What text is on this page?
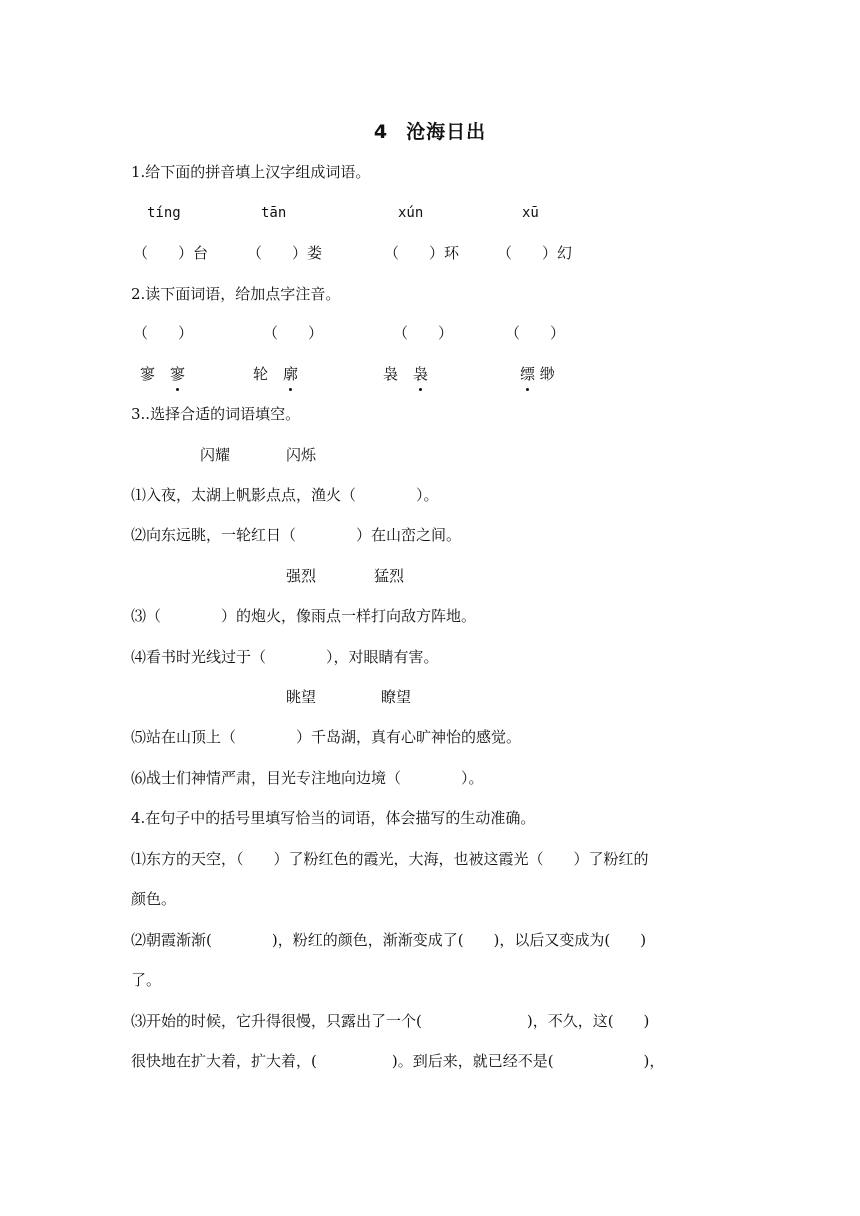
4 沧海日出
1.给下面的拼音填上汉字组成词语。
tíng	tān	xún	xū
（　　）台	（　　）娄	（　　）环	（　　）幻
2.读下面词语，给加点字注音。
（　　）	（　　）	（　　）	（　　）
寥　 寥	轮　 廓	袅　 袅	缥 缈
3..选择合适的词语填空。
闪耀	闪烁
⑴入夜，太湖上帆影点点，渔火（　　　　）。
⑵向东远眺，一轮红日（　　　　）在山峦之间。
强烈	猛烈
⑶（　　　　）的炮火，像雨点一样打向敌方阵地。
⑷看书时光线过于（　　　　），对眼睛有害。
眺望	瞭望
⑸站在山顶上（　　　　）千岛湖，真有心旷神怡的感觉。
⑹战士们神情严肃，目光专注地向边境（　　　　）。
4.在句子中的括号里填写恰当的词语，体会描写的生动准确。
⑴东方的天空，（　　）了粉红色的霞光，大海，也被这霞光（　　）了粉红的
颜色。
⑵朝霞渐渐(　　　　)，粉红的颜色，渐渐变成了(　　)，以后又变成为(　　)
了。
⑶开始的时候，它升得很慢，只露出了一个(　　　　　　　)，不久，这(　　)
很快地在扩大着，扩大着，(　　　　　)。到后来，就已经不是(　　　　　　)，
